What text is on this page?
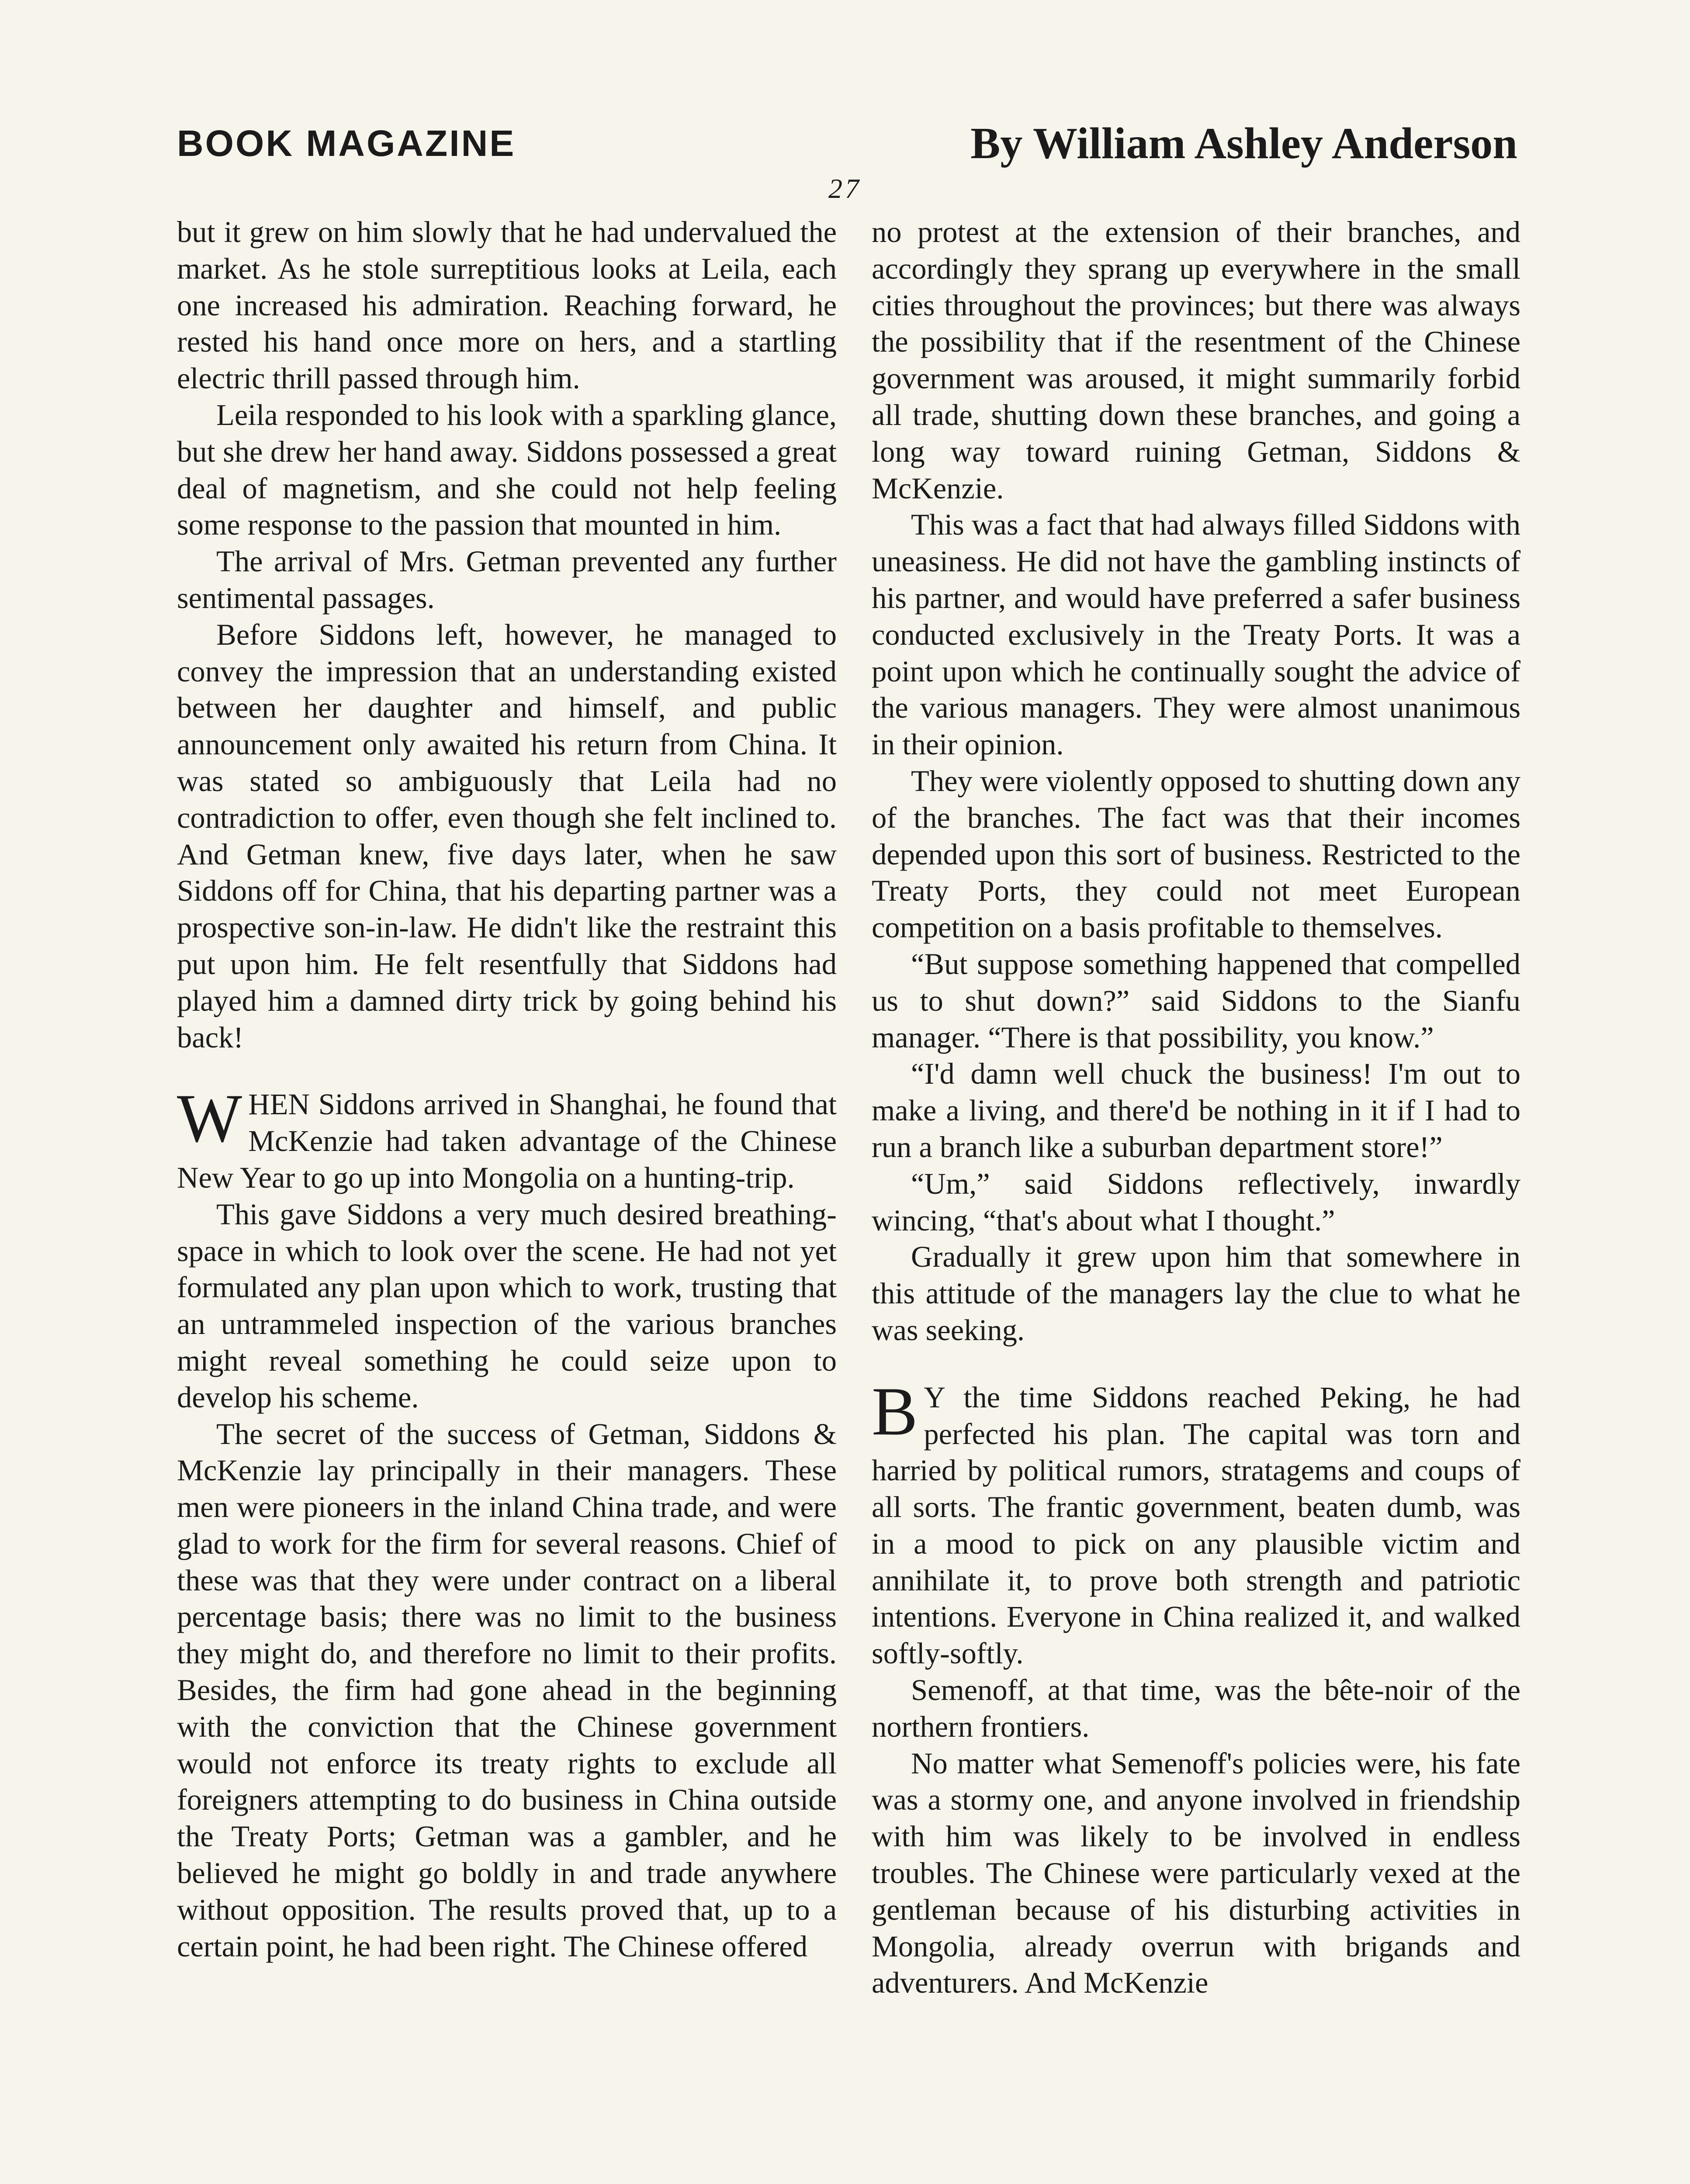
BOOK MAGAZINE	By William Ashley Anderson
27

but it grew on him slowly that he had undervalued the market. As he stole surreptitious looks at Leila, each one increased his admiration. Reaching forward, he rested his hand once more on hers, and a startling electric thrill passed through him.

Leila responded to his look with a sparkling glance, but she drew her hand away. Siddons possessed a great deal of magnetism, and she could not help feeling some response to the passion that mounted in him.

The arrival of Mrs. Getman prevented any further sentimental passages.

Before Siddons left, however, he managed to convey the impression that an understanding existed between her daughter and himself, and public announcement only awaited his return from China. It was stated so ambiguously that Leila had no contradiction to offer, even though she felt inclined to. And Getman knew, five days later, when he saw Siddons off for China, that his departing partner was a prospective son-in-law. He didn't like the restraint this put upon him. He felt resentfully that Siddons had played him a damned dirty trick by going behind his back!

WHEN Siddons arrived in Shanghai, he found that McKenzie had taken advantage of the Chinese New Year to go up into Mongolia on a hunting-trip.

This gave Siddons a very much desired breathing-space in which to look over the scene. He had not yet formulated any plan upon which to work, trusting that an untrammeled inspection of the various branches might reveal something he could seize upon to develop his scheme.

The secret of the success of Getman, Siddons & McKenzie lay principally in their managers. These men were pioneers in the inland China trade, and were glad to work for the firm for several reasons. Chief of these was that they were under contract on a liberal percentage basis; there was no limit to the business they might do, and therefore no limit to their profits. Besides, the firm had gone ahead in the beginning with the conviction that the Chinese government would not enforce its treaty rights to exclude all foreigners attempting to do business in China outside the Treaty Ports; Getman was a gambler, and he believed he might go boldly in and trade anywhere without opposition. The results proved that, up to a certain point, he had been right. The Chinese offered

no protest at the extension of their branches, and accordingly they sprang up everywhere in the small cities throughout the provinces; but there was always the possibility that if the resentment of the Chinese government was aroused, it might summarily forbid all trade, shutting down these branches, and going a long way toward ruining Getman, Siddons & McKenzie.

This was a fact that had always filled Siddons with uneasiness. He did not have the gambling instincts of his partner, and would have preferred a safer business conducted exclusively in the Treaty Ports. It was a point upon which he continually sought the advice of the various managers. They were almost unanimous in their opinion.

They were violently opposed to shutting down any of the branches. The fact was that their incomes depended upon this sort of business. Restricted to the Treaty Ports, they could not meet European competition on a basis profitable to themselves.

“But suppose something happened that compelled us to shut down?” said Siddons to the Sianfu manager. “There is that possibility, you know.”

“I'd damn well chuck the business! I'm out to make a living, and there'd be nothing in it if I had to run a branch like a suburban department store!”

“Um,” said Siddons reflectively, inwardly wincing, “that's about what I thought.”

Gradually it grew upon him that somewhere in this attitude of the managers lay the clue to what he was seeking.

B Y the time Siddons reached Peking, he had perfected his plan. The capital was torn and harried by political rumors, stratagems and coups of all sorts. The frantic government, beaten dumb, was in a mood to pick on any plausible victim and annihilate it, to prove both strength and patriotic intentions. Everyone in China realized it, and walked softly-softly.

Semenoff, at that time, was the bête-noir of the northern frontiers.

No matter what Semenoff's policies were, his fate was a stormy one, and anyone involved in friendship with him was likely to be involved in endless troubles. The Chinese were particularly vexed at the gentleman because of his disturbing activities in Mongolia, already overrun with brigands and adventurers. And McKenzie
